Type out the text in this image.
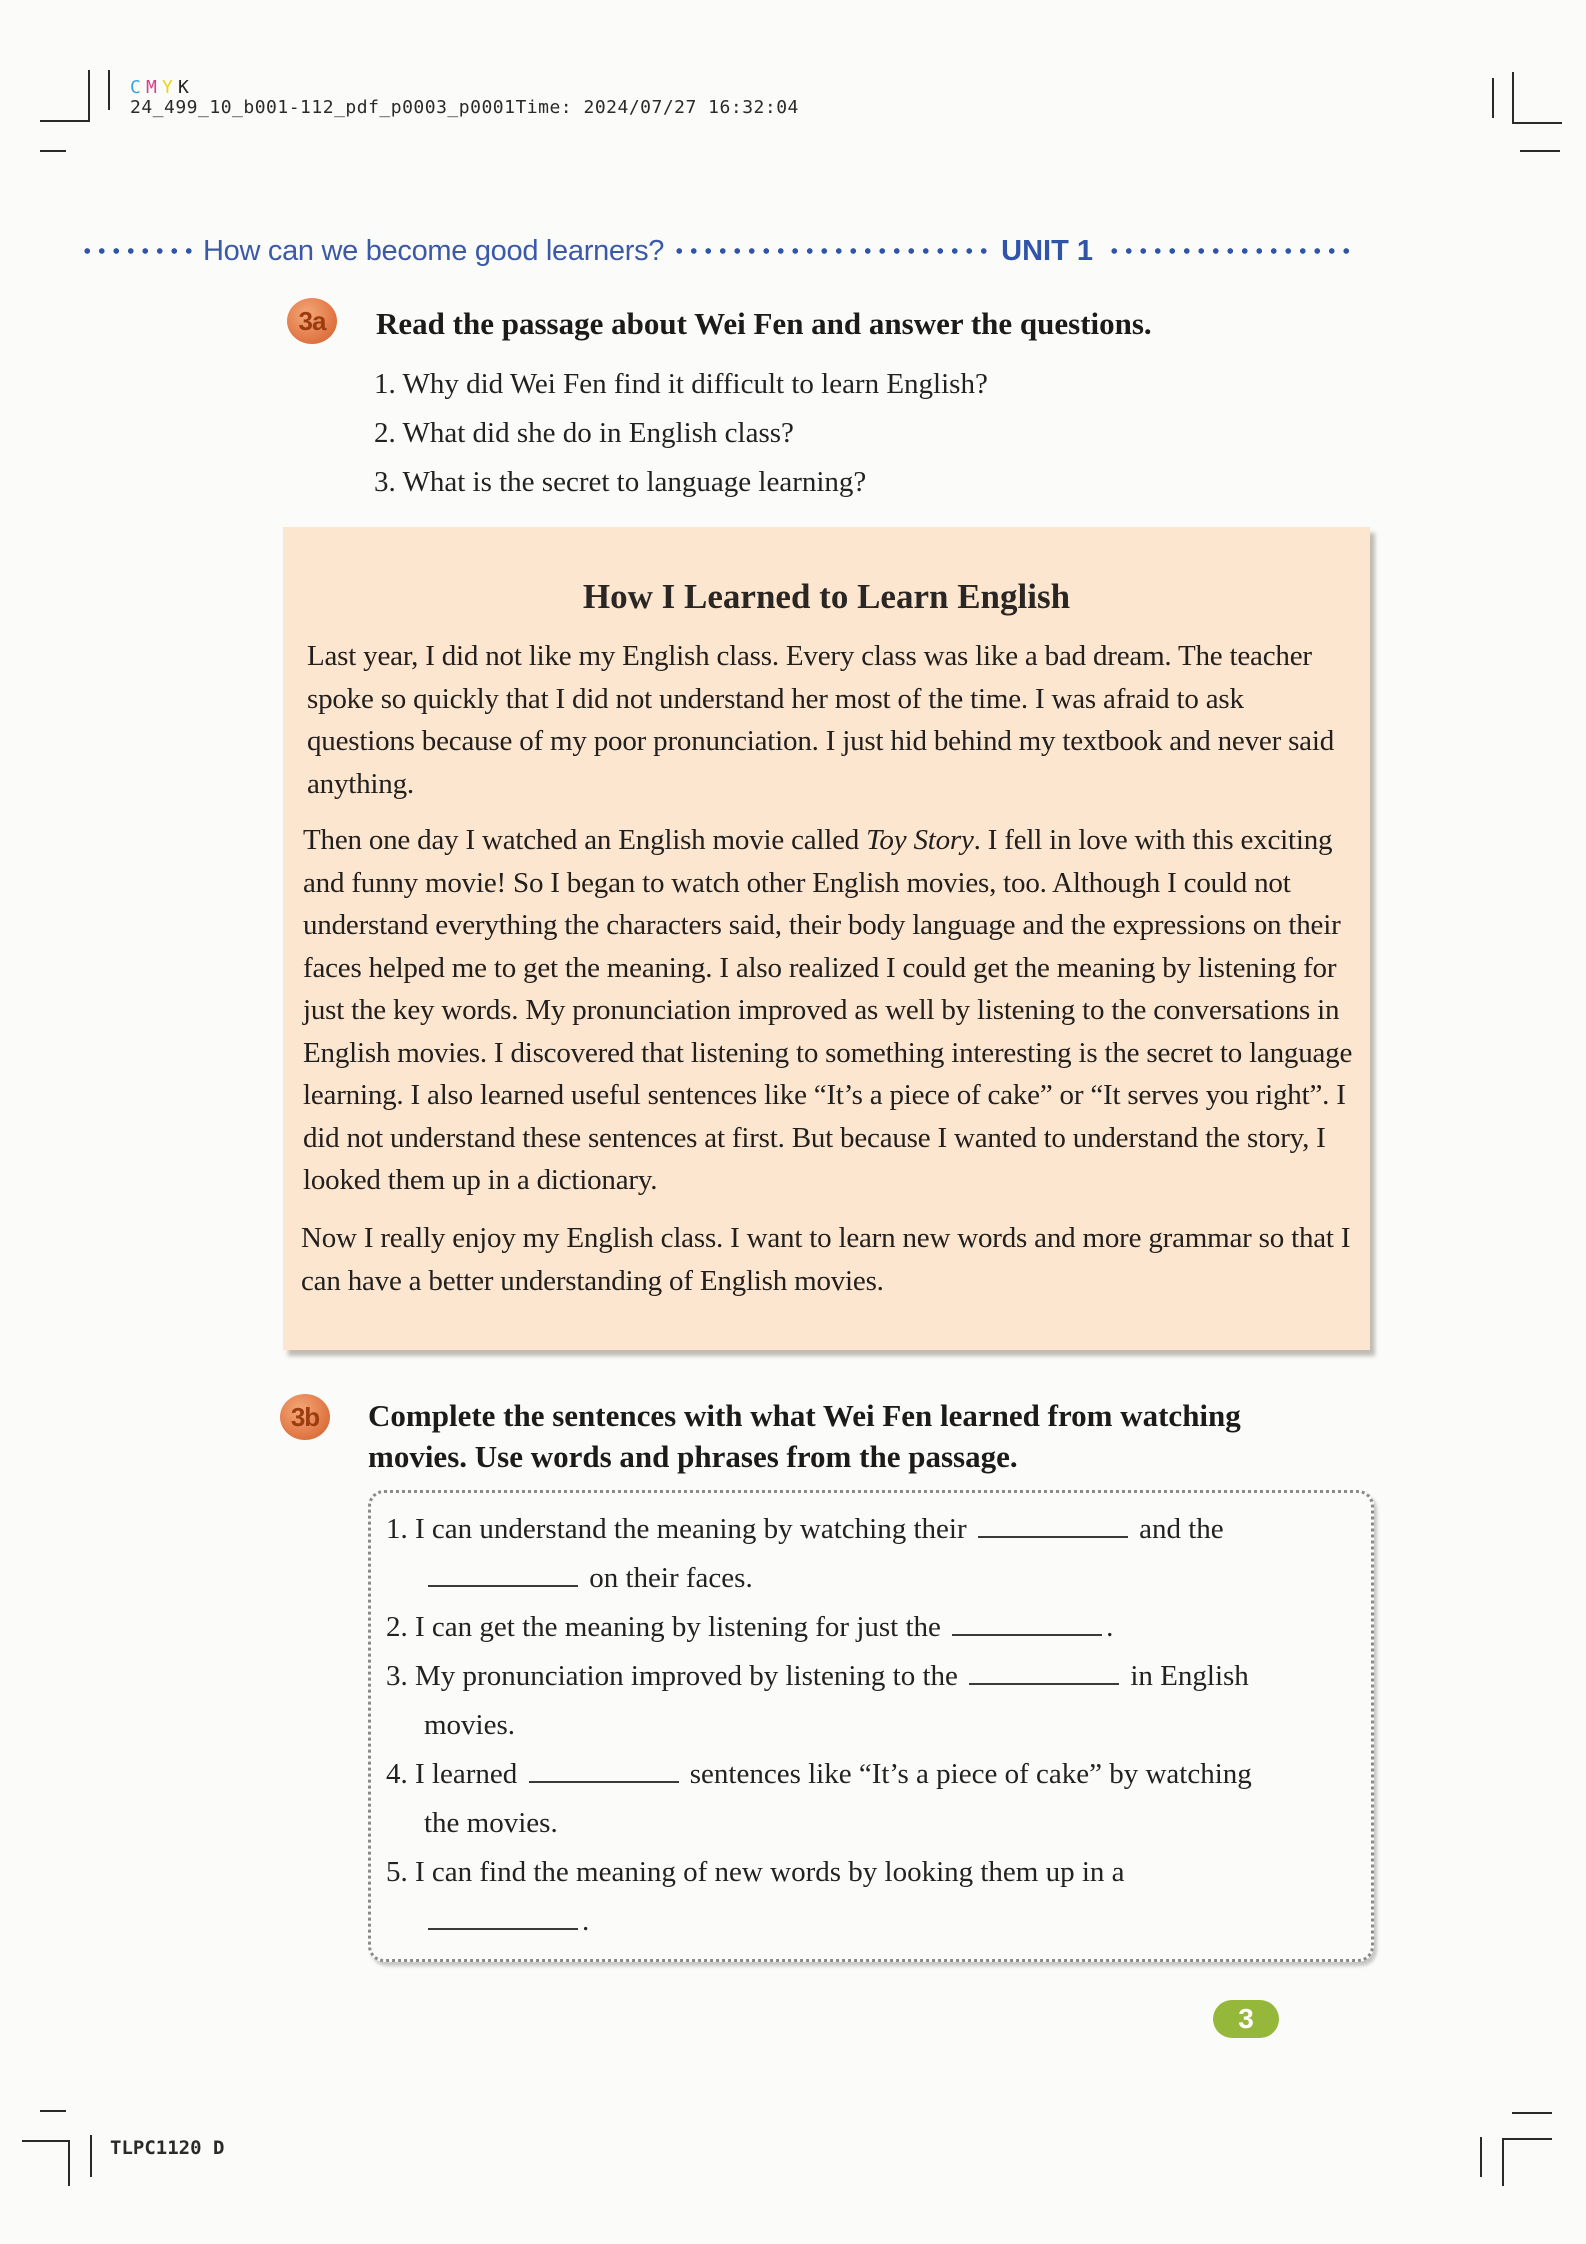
C M Y K
24_499_10_b001-112_pdf_p0003_p0001Time: 2024/07/27 16:32:04
How can we become good learners?	UNIT 1
3a	Read the passage about Wei Fen and answer the questions.
1. Why did Wei Fen find it difficult to learn English?
2. What did she do in English class?
3. What is the secret to language learning?
How I Learned to Learn English

Last year, I did not like my English class. Every class was like a bad dream. The teacher spoke so quickly that I did not understand her most of the time. I was afraid to ask questions because of my poor pronunciation. I just hid behind my textbook and never said anything.

Then one day I watched an English movie called Toy Story. I fell in love with this exciting and funny movie! So I began to watch other English movies, too. Although I could not understand everything the characters said, their body language and the expressions on their faces helped me to get the meaning. I also realized I could get the meaning by listening for just the key words. My pronunciation improved as well by listening to the conversations in English movies. I discovered that listening to something interesting is the secret to language learning. I also learned useful sentences like “It’s a piece of cake” or “It serves you right”. I did not understand these sentences at first. But because I wanted to understand the story, I looked them up in a dictionary.

Now I really enjoy my English class. I want to learn new words and more grammar so that I can have a better understanding of English movies.

3b	Complete the sentences with what Wei Fen learned from watching
movies. Use words and phrases from the passage.
1. I can understand the meaning by watching their	and the
on their faces.
2. I can get the meaning by listening for just the	.
3. My pronunciation improved by listening to the	in English
movies.
4. I learned	sentences like “It’s a piece of cake” by watching
the movies.
5. I can find the meaning of new words by looking them up in a
.
3
TLPC1120 D
